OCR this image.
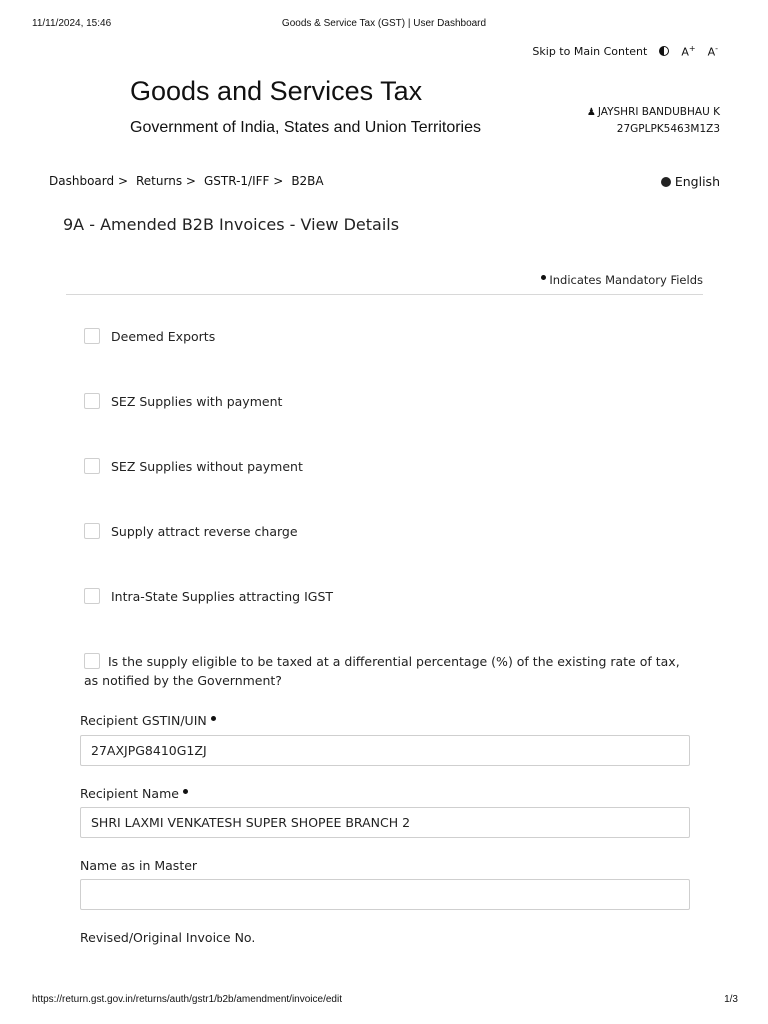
11/11/2024, 15:46	Goods & Service Tax (GST) | User Dashboard
Skip to Main Content	A+ A-
Goods and Services Tax
Government of India, States and Union Territories
♟ JAYSHRI BANDUBHAU K
27GPLPK5463M1Z3
Dashboard > Returns > GSTR-1/IFF > B2BA	English
9A - Amended B2B Invoices - View Details
Indicates Mandatory Fields
Deemed Exports
SEZ Supplies with payment
SEZ Supplies without payment
Supply attract reverse charge
Intra-State Supplies attracting IGST
Is the supply eligible to be taxed at a differential percentage (%) of the existing rate of tax, as notified by the Government?
Recipient GSTIN/UIN
27AXJPG8410G1ZJ
Recipient Name
SHRI LAXMI VENKATESH SUPER SHOPEE BRANCH 2
Name as in Master
Revised/Original Invoice No.
https://return.gst.gov.in/returns/auth/gstr1/b2b/amendment/invoice/edit	1/3
